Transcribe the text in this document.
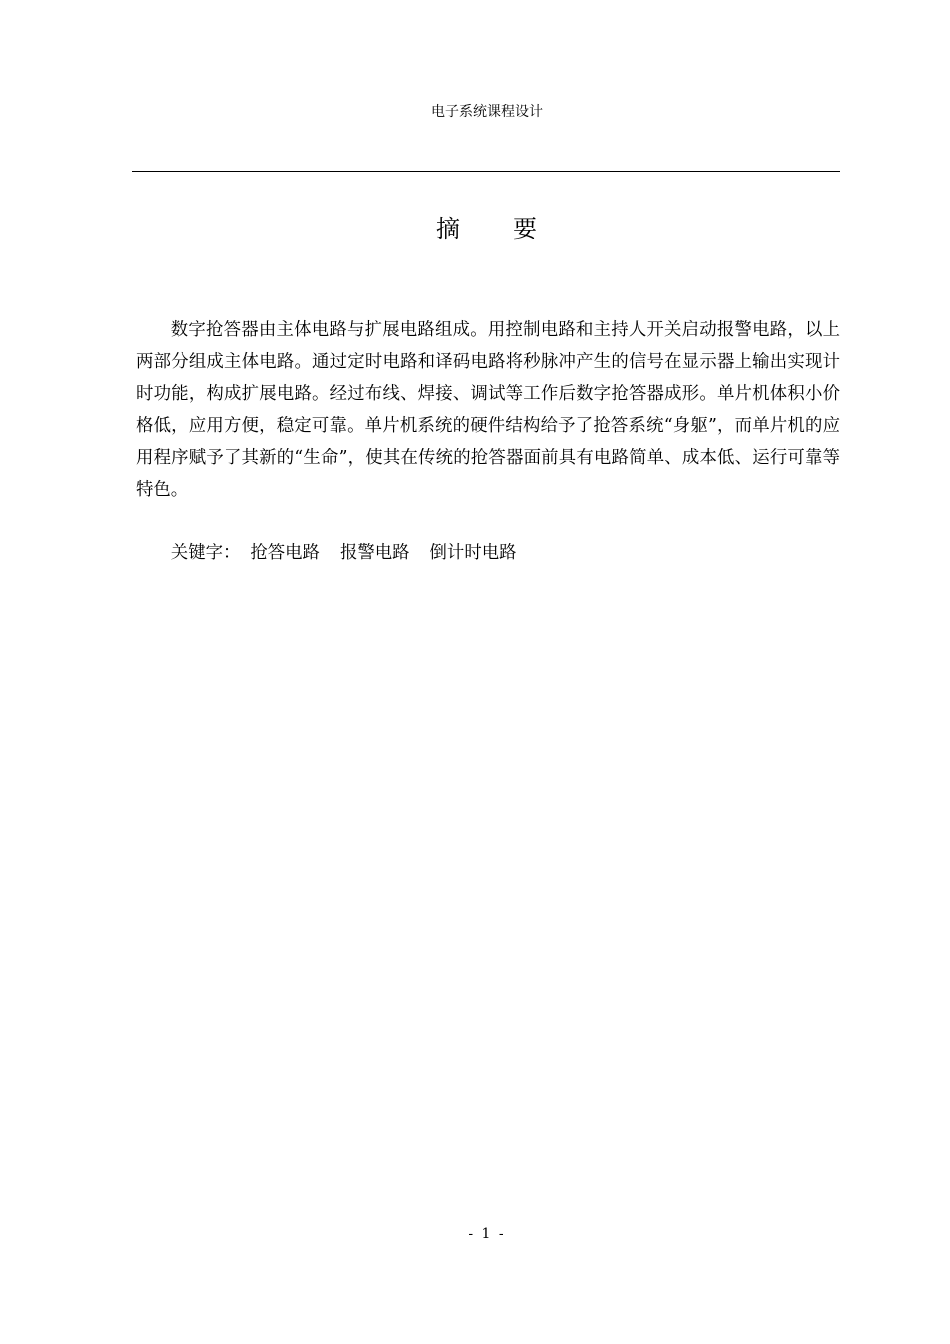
电子系统课程设计
摘 要

数字抢答器由主体电路与扩展电路组成。用控制电路和主持人开关启动报警电路，以上两部分组成主体电路。通过定时电路和译码电路将秒脉冲产生的信号在显示器上输出实现计时功能，构成扩展电路。经过布线、焊接、调试等工作后数字抢答器成形。单片机体积小价格低，应用方便，稳定可靠。单片机系统的硬件结构给予了抢答系统“身躯”，而单片机的应用程序赋予了其新的“生命”，使其在传统的抢答器面前具有电路简单、成本低、运行可靠等特色。

关键字： 抢答电路 报警电路 倒计时电路

- 1 -
